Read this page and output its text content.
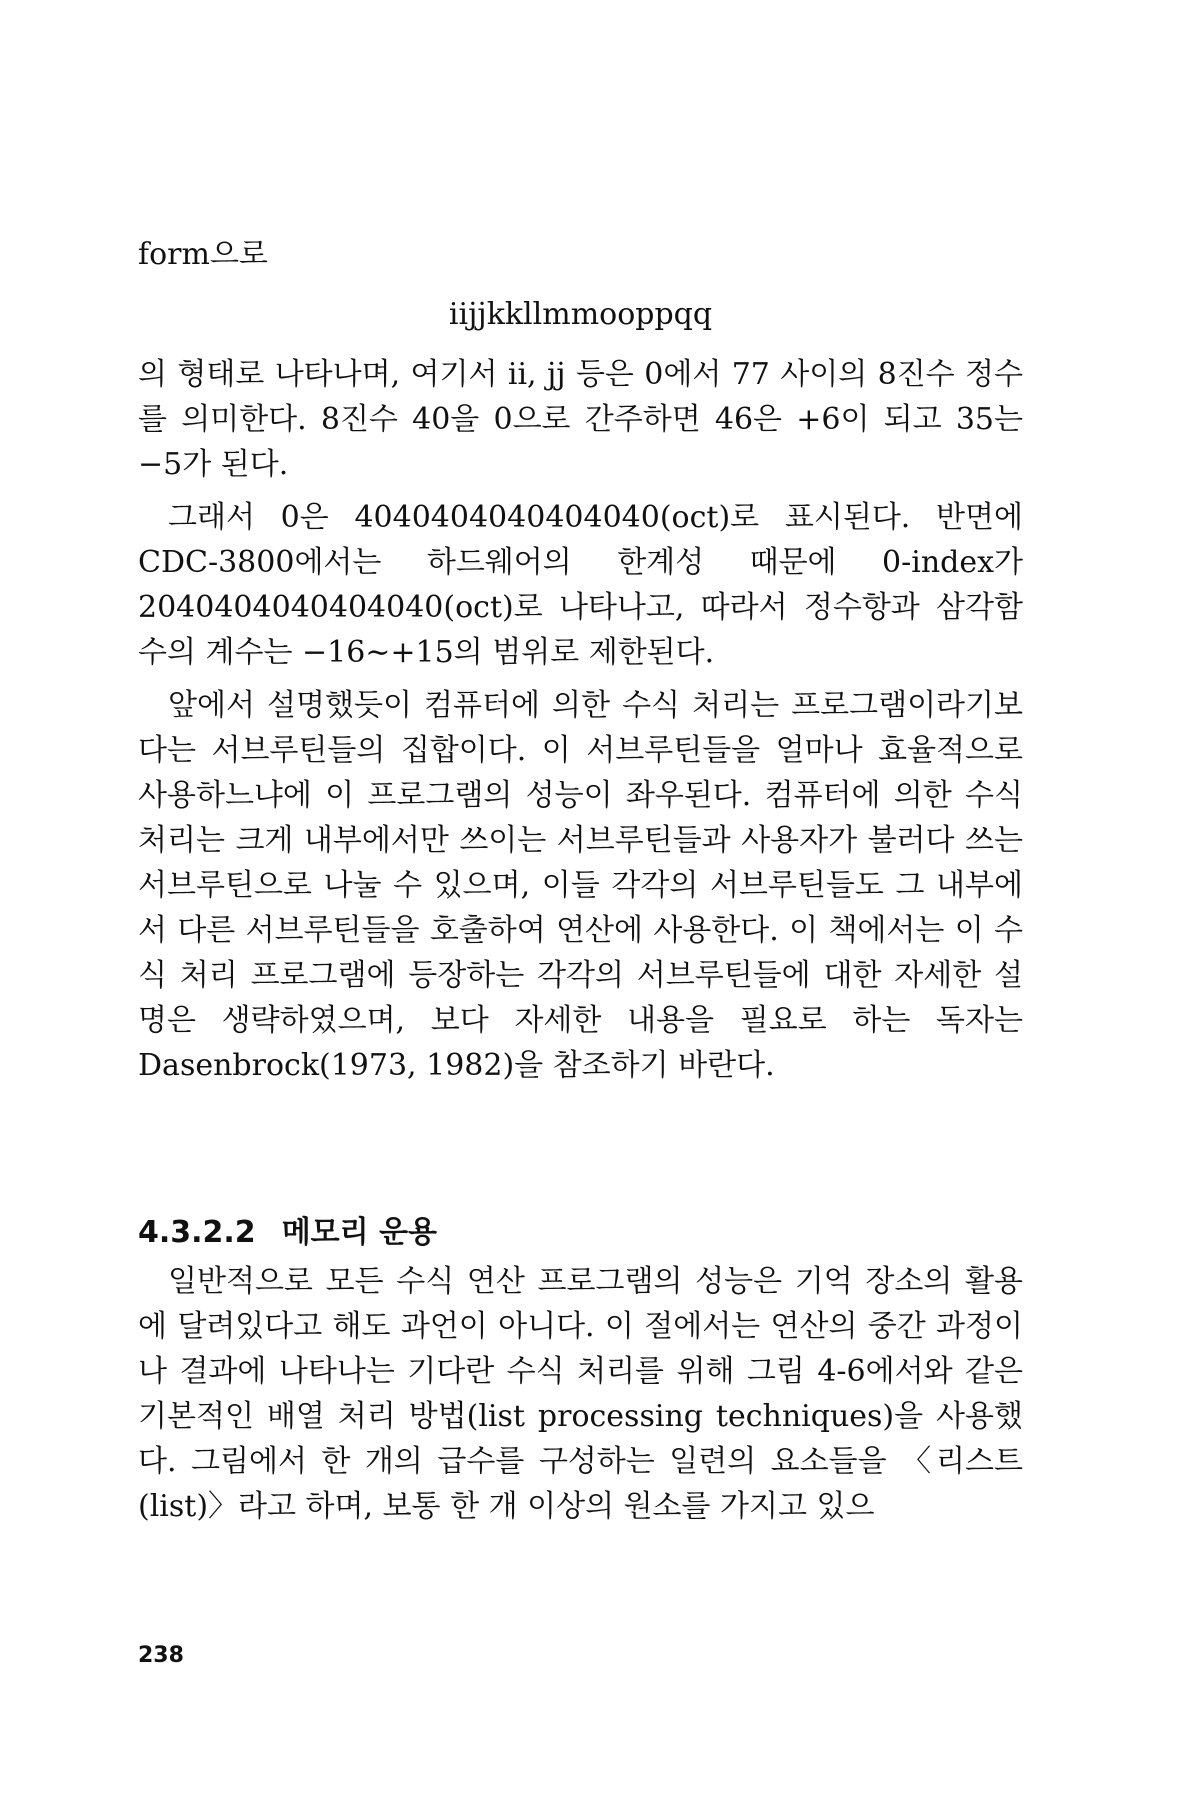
form으로

iijjkkllmmooppqq

의 형태로 나타나며, 여기서 ii, jj 등은 0에서 77 사이의 8진수 정수를 의미한다. 8진수 40을 0으로 간주하면 46은 +6이 되고 35는 −5가 된다.

그래서 0은 4040404040404040(oct)로 표시된다. 반면에 CDC-3800에서는 하드웨어의 한계성 때문에 0-index가 2040404040404040(oct)로 나타나고, 따라서 정수항과 삼각함수의 계수는 −16∼+15의 범위로 제한된다.

앞에서 설명했듯이 컴퓨터에 의한 수식 처리는 프로그램이라기보다는 서브루틴들의 집합이다. 이 서브루틴들을 얼마나 효율적으로 사용하느냐에 이 프로그램의 성능이 좌우된다. 컴퓨터에 의한 수식 처리는 크게 내부에서만 쓰이는 서브루틴들과 사용자가 불러다 쓰는 서브루틴으로 나눌 수 있으며, 이들 각각의 서브루틴들도 그 내부에서 다른 서브루틴들을 호출하여 연산에 사용한다. 이 책에서는 이 수식 처리 프로그램에 등장하는 각각의 서브루틴들에 대한 자세한 설명은 생략하였으며, 보다 자세한 내용을 필요로 하는 독자는 Dasenbrock(1973, 1982)을 참조하기 바란다.

4.3.2.2 메모리 운용

일반적으로 모든 수식 연산 프로그램의 성능은 기억 장소의 활용에 달려있다고 해도 과언이 아니다. 이 절에서는 연산의 중간 과정이나 결과에 나타나는 기다란 수식 처리를 위해 그림 4-6에서와 같은 기본적인 배열 처리 방법(list processing techniques)을 사용했다. 그림에서 한 개의 급수를 구성하는 일련의 요소들을 〈리스트(list)〉라고 하며, 보통 한 개 이상의 원소를 가지고 있으

238
